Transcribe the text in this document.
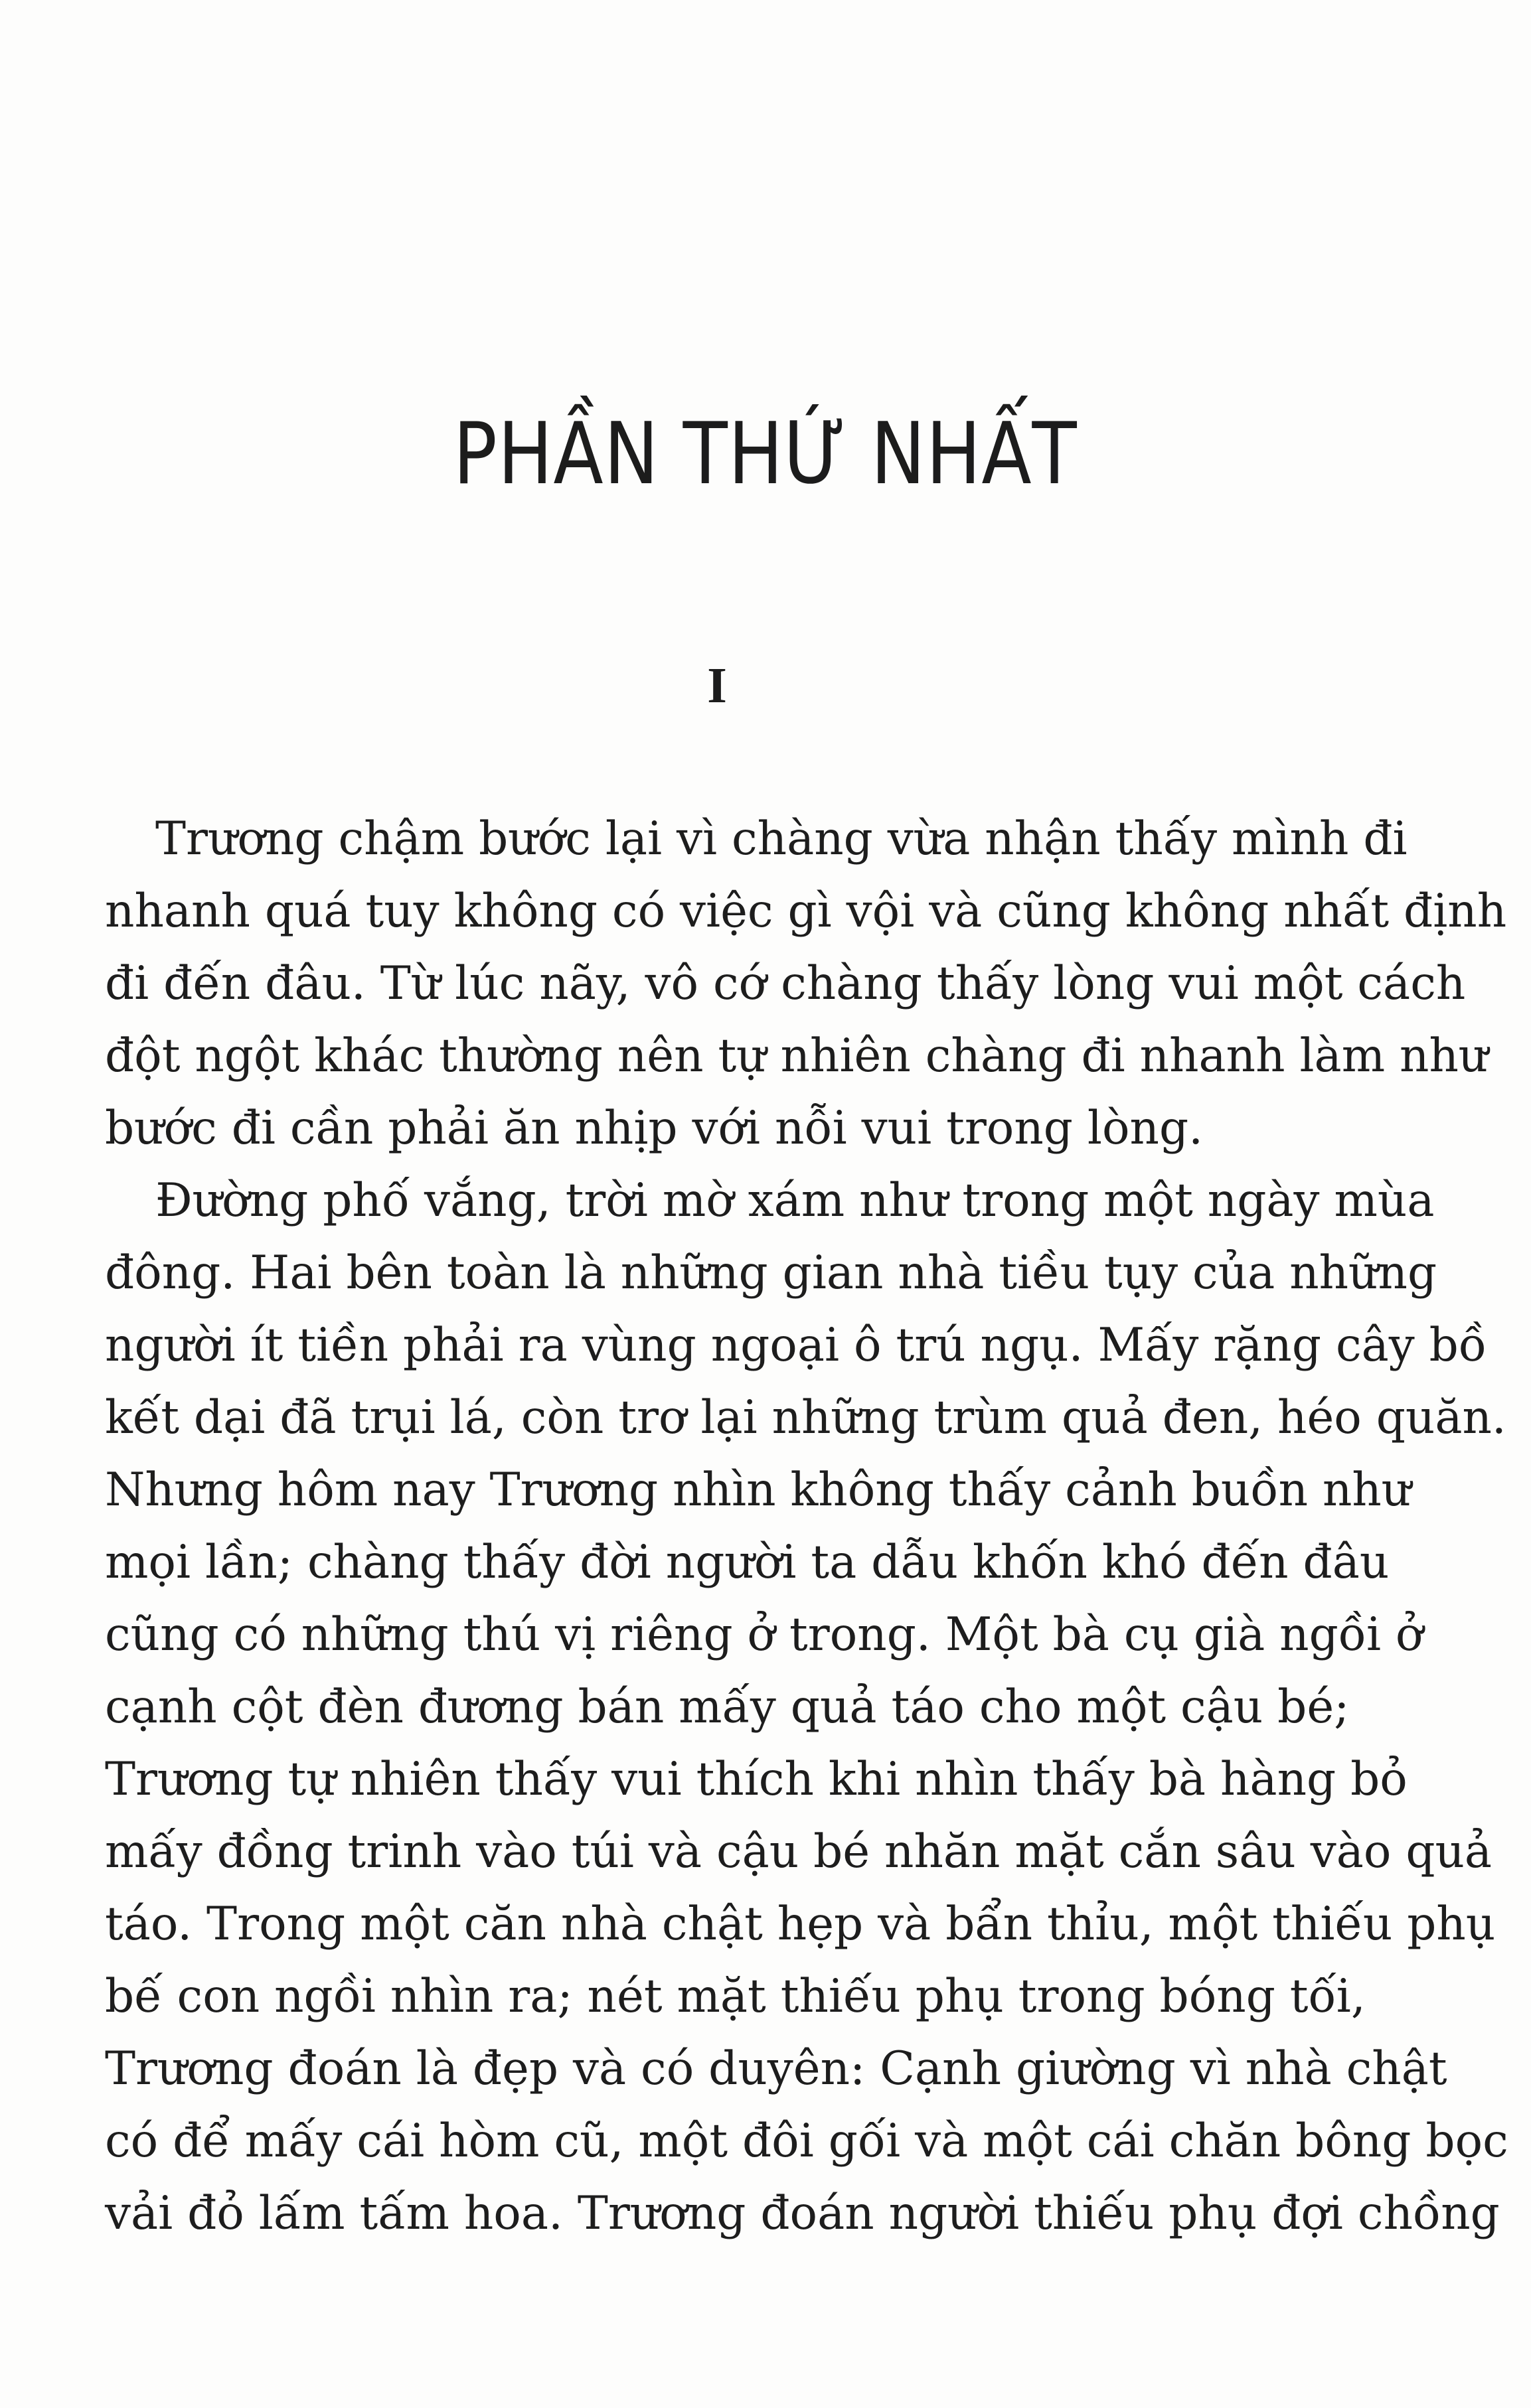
PHẦN THỨ NHẤT
I
Trương chậm bước lại vì chàng vừa nhận thấy mình đi
nhanh quá tuy không có việc gì vội và cũng không nhất định
đi đến đâu. Từ lúc nãy, vô cớ chàng thấy lòng vui một cách
đột ngột khác thường nên tự nhiên chàng đi nhanh làm như
bước đi cần phải ăn nhịp với nỗi vui trong lòng.
Đường phố vắng, trời mờ xám như trong một ngày mùa
đông. Hai bên toàn là những gian nhà tiều tụy của những
người ít tiền phải ra vùng ngoại ô trú ngụ. Mấy rặng cây bồ
kết dại đã trụi lá, còn trơ lại những trùm quả đen, héo quăn.
Nhưng hôm nay Trương nhìn không thấy cảnh buồn như
mọi lần; chàng thấy đời người ta dẫu khốn khó đến đâu
cũng có những thú vị riêng ở trong. Một bà cụ già ngồi ở
cạnh cột đèn đương bán mấy quả táo cho một cậu bé;
Trương tự nhiên thấy vui thích khi nhìn thấy bà hàng bỏ
mấy đồng trinh vào túi và cậu bé nhăn mặt cắn sâu vào quả
táo. Trong một căn nhà chật hẹp và bẩn thỉu, một thiếu phụ
bế con ngồi nhìn ra; nét mặt thiếu phụ trong bóng tối,
Trương đoán là đẹp và có duyên: Cạnh giường vì nhà chật
có để mấy cái hòm cũ, một đôi gối và một cái chăn bông bọc
vải đỏ lấm tấm hoa. Trương đoán người thiếu phụ đợi chồng
